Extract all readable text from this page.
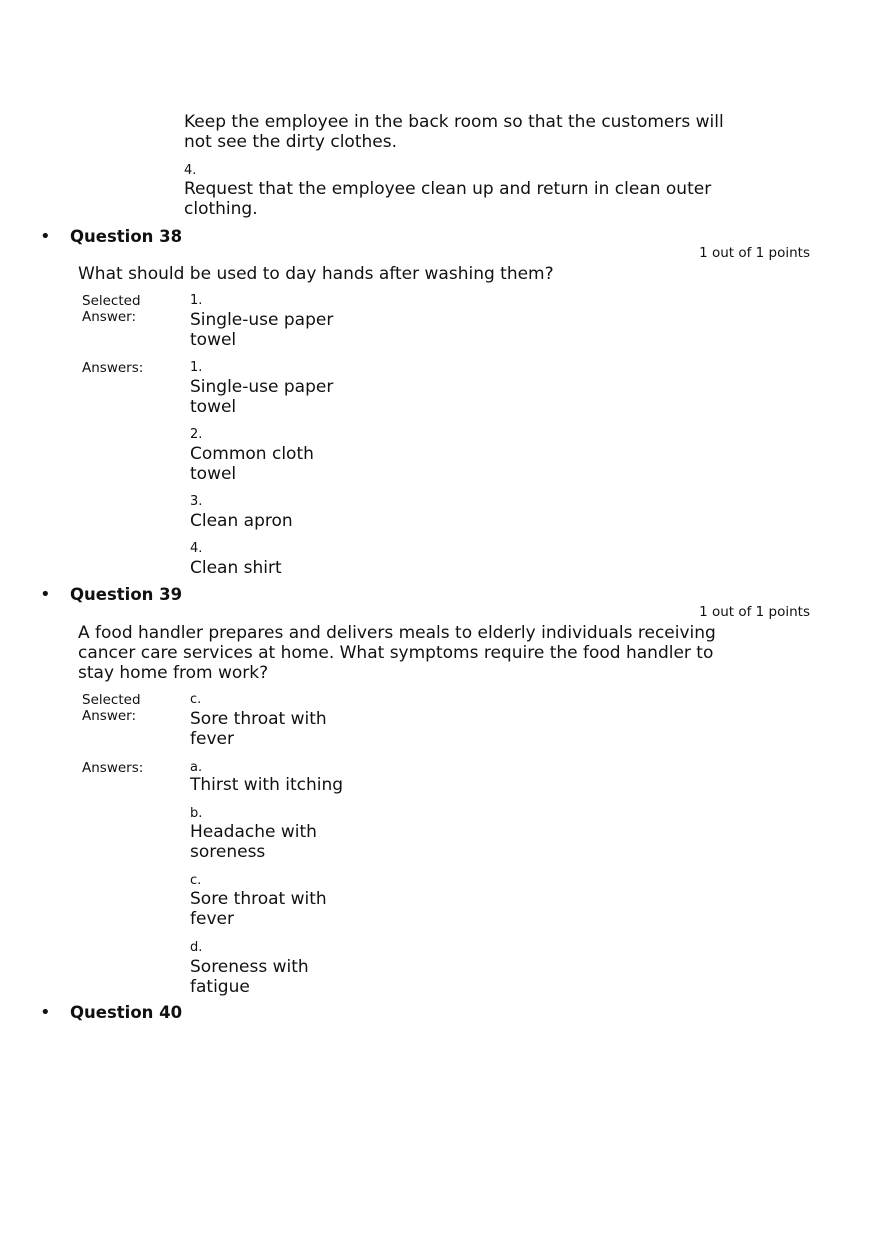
Keep the employee in the back room so that the customers will not see the dirty clothes.
4.
Request that the employee clean up and return in clean outer clothing.
• Question 38
1 out of 1 points
What should be used to day hands after washing them?
Selected Answer:
1.
Single-use paper towel
Answers:	1.
Single-use paper towel
2.
Common cloth towel
3.
Clean apron
4.
Clean shirt
• Question 39
1 out of 1 points
A food handler prepares and delivers meals to elderly individuals receiving cancer care services at home. What symptoms require the food handler to stay home from work?
Selected Answer:
c.
Sore throat with fever
Answers:	a.
Thirst with itching
b.
Headache with soreness
c.
Sore throat with fever
d.
Soreness with fatigue
• Question 40
